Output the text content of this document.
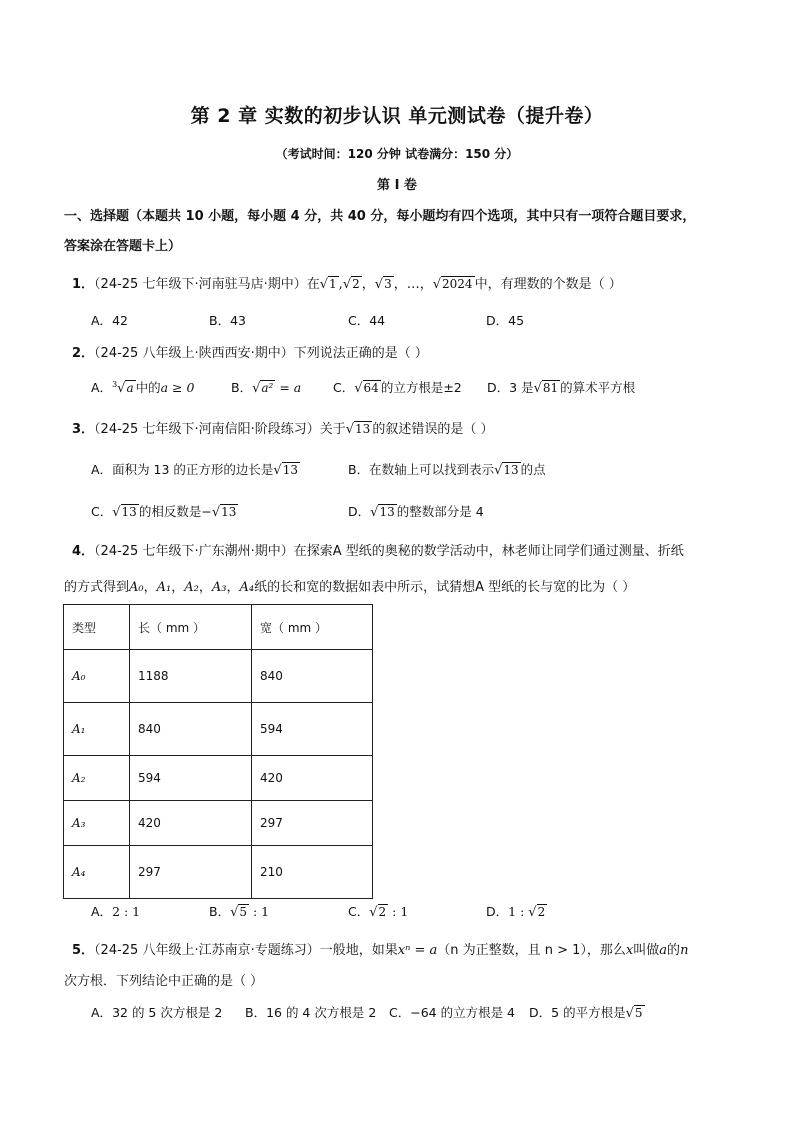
第 2 章 实数的初步认识 单元测试卷（提升卷）
（考试时间：120 分钟 试卷满分：150 分）
第 I 卷
一、选择题（本题共 10 小题，每小题 4 分，共 40 分，每小题均有四个选项，其中只有一项符合题目要求，
答案涂在答题卡上）
1．（24-25 七年级下·河南驻马店·期中）在 √ 1 , √ 2 ， √ 3 ，…， √ 2024 中，有理数的个数是（ ）
A．42	B．43	C．44	D．45
2．（24-25 八年级上·陕西西安·期中）下列说法正确的是（ ）
A．$^3$ √ a 中的a ≥ 0	B． √ a² = a	C． √ 64 的立方根是±2 D．3 是 √ 81 的算术平方根
3．（24-25 七年级下·河南信阳·阶段练习）关于 √ 13 的叙述错误的是（ ）
A．面积为 13 的正方形的边长是 √ 13	B．在数轴上可以找到表示 √ 13 的点
C． √ 13 的相反数是− √ 13	D． √ 13 的整数部分是 4
4．（24-25 七年级下·广东潮州·期中）在探索A 型纸的奥秘的数学活动中，林老师让同学们通过测量、折纸
的方式得到A₀，A₁，A₂，A₃，A₄纸的长和宽的数据如表中所示，试猜想A 型纸的长与宽的比为（ ）
类型	长（ mm ）	宽（ mm ）
A₀	1188	840
A₁	840	594
A₂	594	420
A₃	420	297
A₄	297	210
A．2 : 1	B． √ 5 : 1	C． √ 2 : 1	D．1 : √ 2
5．（24-25 八年级上·江苏南京·专题练习）一般地，如果xⁿ = a（n 为正整数，且 n > 1），那么x叫做a的n
次方根．下列结论中正确的是（ ）
A．32 的 5 次方根是 2 B．16 的 4 次方根是 2 C．−64 的立方根是 4 D．5 的平方根是 √ 5
